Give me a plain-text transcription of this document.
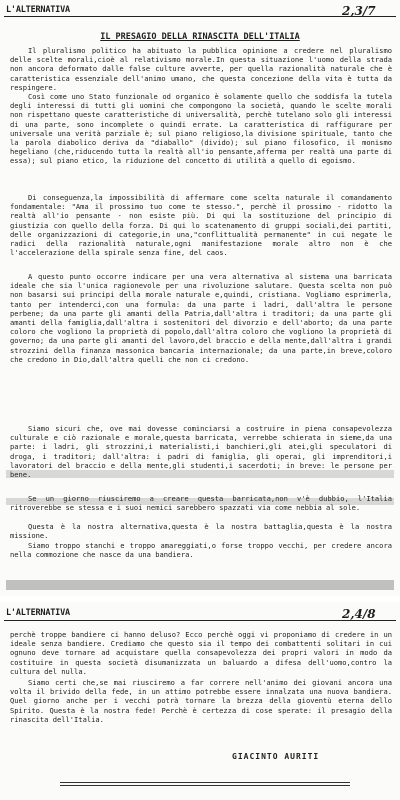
L'ALTERNATIVA	2,3/7
IL PRESAGIO DELLA RINASCITA DELL'ITALIA

Il pluralismo politico ha abituato la pubblica opinione a credere nel pluralismo delle scelte morali,cioè al relativismo morale.In questa situazione l'uomo della strada non ancora deformato dalle false culture avverte, per quella razionalità naturale che è caratteristica essenziale dell'animo umano, che questa concezione della vita è tutta da respingere.

Così come uno Stato funzionale od organico è solamente quello che soddisfa la tutela degli interessi di tutti gli uomini che compongono la società, quando le scelte morali non rispettano queste caratteristiche di universalità, perchè tutelano solo gli interessi di una parte, sono incomplete o quindi errate. La caratteristica di raffigurare per universale una verità parziale è; sul piano religioso,la divisione spirituale, tanto che la parola diabolico deriva da "diaballo" (divido); sul piano filosofico, il monismo hegeliano (che,riducendo tutta la realtà all'io pensante,afferma per realtà una parte di essa); sul piano etico, la riduzione del concetto di utilità a quello di egoismo.

Di conseguenza,la impossibilità di affermare come scelta naturale il comandamento fondamentale: "Ama il prossimo tuo come te stesso.", perchè il prossimo - ridotto la realtà all'io pensante - non esiste più. Di qui la sostituzione del principio di giustizia con quello della forza. Di qui lo scatenamento di gruppi sociali,dei partiti, delle organizzazioni di categorie,in una,"conflittualità permanente" in cui negate le radici della razionalità naturale,ogni manifestazione morale altro non è che l'accelerazione della spirale senza fine, del caos.

A questo punto occorre indicare per una vera alternativa al sistema una barricata ideale che sia l'unica ragionevole per una rivoluzione salutare. Questa scelta non può non basarsi sui principi della morale naturale e,quindi, cristiana. Vogliamo esprimerla, tanto per intenderci,con una formula: da una parte i ladri, dall'altra le persone perbene; da una parte gli amanti della Patria,dall'altra i traditori; da una parte gli amanti della famiglia,dall'altra i sostenitori del divorzio e dell'aborto; da una parte coloro che vogliono la proprietà di popolo,dall'altra coloro che vogliono la proprietà di governo; da una parte gli amanti del lavoro,del braccio e della mente,dall'altra i grandi strozzini della finanza massonica bancaria internazionale; da una parte,in breve,coloro che credono in Dio,dall'altra quelli che non ci credono.

Siamo sicuri che, ove mai dovesse cominciarsi a costruire in piena consapevolezza culturale e ciò razionale e morale,questa barricata, verrebbe schierata in sieme,da una parte: i ladri, gli strozzini,i materialisti,i banchieri,gli atei,gli speculatori di droga, i traditori; dall'altra: i padri di famiglia, gli operai, gli imprenditori,i lavoratori del braccio e della mente,gli studenti,i sacerdoti; in breve: le persone per bene.

Se un giorno riusciremo a creare questa barricata,non v'è dubbio, l'Italia ritroverebbe se stessa e i suoi nemici sarebbero spazzati via come nebbia al sole.

Questa è la nostra alternativa,questa è la nostra battaglia,questa è la nostra missione.

Siamo troppo stanchi e troppo amareggiati,o forse troppo vecchi, per credere ancora nella commozione che nasce da una bandiera.

L'ALTERNATIVA	2,4/8

perchè troppe bandiere ci hanno deluso? Ecco perchè oggi vi proponiamo di credere in un ideale senza bandiere. Crediamo che questo sia il tempo dei combattenti solitari in cui ognuno deve tornare ad acquistare quella consapevolezza dei propri valori in modo da costituire in questa società disumanizzata un baluardo a difesa dell'uomo,contro la cultura del nulla.

Siamo certi che,se mai riusciremo a far correre nell'animo dei giovani ancora una volta il brivido della fede, in un attimo potrebbe essere innalzata una nuova bandiera. Quel giorno anche per i vecchi potrà tornare la brezza della gioventù eterna dello Spirito. Questa è la nostra fede! Perchè è certezza di cose sperate: il presagio della rinascita dell'Italia.

GIACINTO AURITI
